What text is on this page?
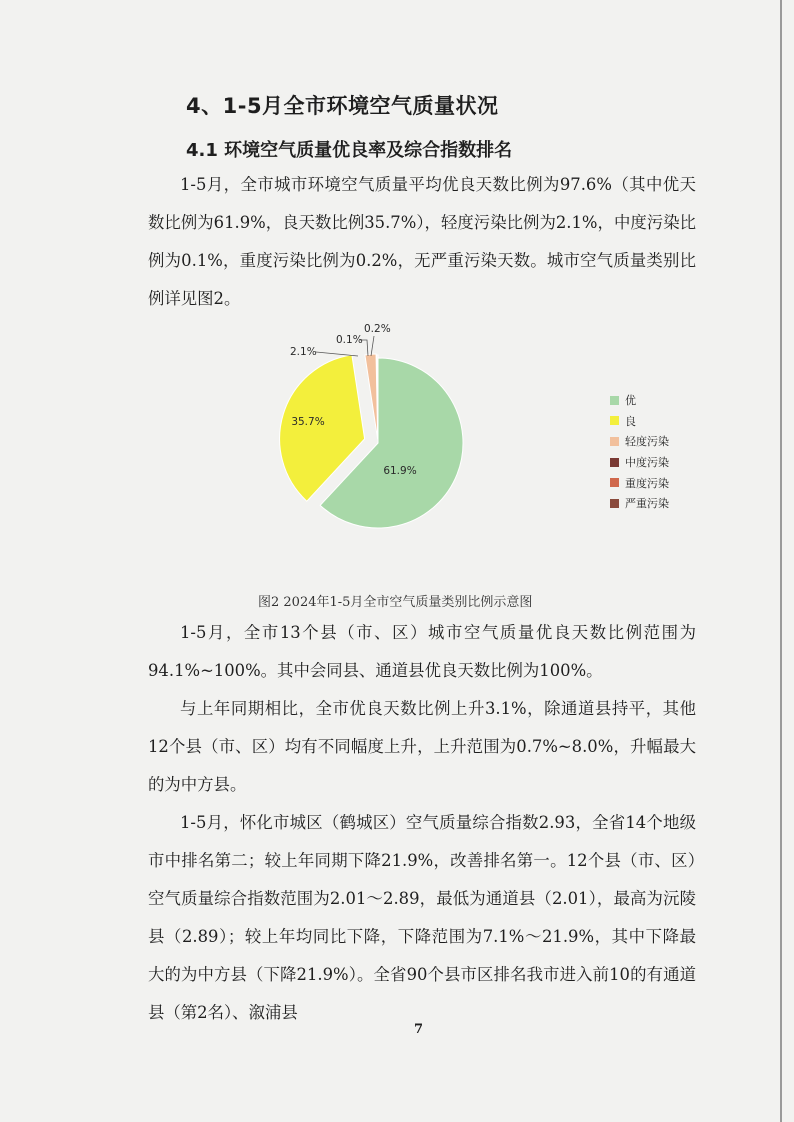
4、1-5月全市环境空气质量状况
4.1 环境空气质量优良率及综合指数排名

1-5月，全市城市环境空气质量平均优良天数比例为97.6%（其中优天数比例为61.9%，良天数比例35.7%），轻度污染比例为2.1%，中度污染比例为0.1%，重度污染比例为0.2%，无严重污染天数。城市空气质量类别比例详见图2。

61.9%
35.7%
2.1%
0.1%
0.2%
优
良
轻度污染
中度污染
重度污染
严重污染
图2 2024年1-5月全市空气质量类别比例示意图

1-5月，全市13个县（市、区）城市空气质量优良天数比例范围为94.1%~100%。其中会同县、通道县优良天数比例为100%。

与上年同期相比，全市优良天数比例上升3.1%，除通道县持平，其他12个县（市、区）均有不同幅度上升，上升范围为0.7%~8.0%，升幅最大的为中方县。

1-5月，怀化市城区（鹤城区）空气质量综合指数2.93，全省14个地级市中排名第二；较上年同期下降21.9%，改善排名第一。12个县（市、区）空气质量综合指数范围为2.01～2.89，最低为通道县（2.01），最高为沅陵县（2.89）；较上年均同比下降，下降范围为7.1%～21.9%，其中下降最大的为中方县（下降21.9%）。全省90个县市区排名我市进入前10的有通道县（第2名）、溆浦县

7
